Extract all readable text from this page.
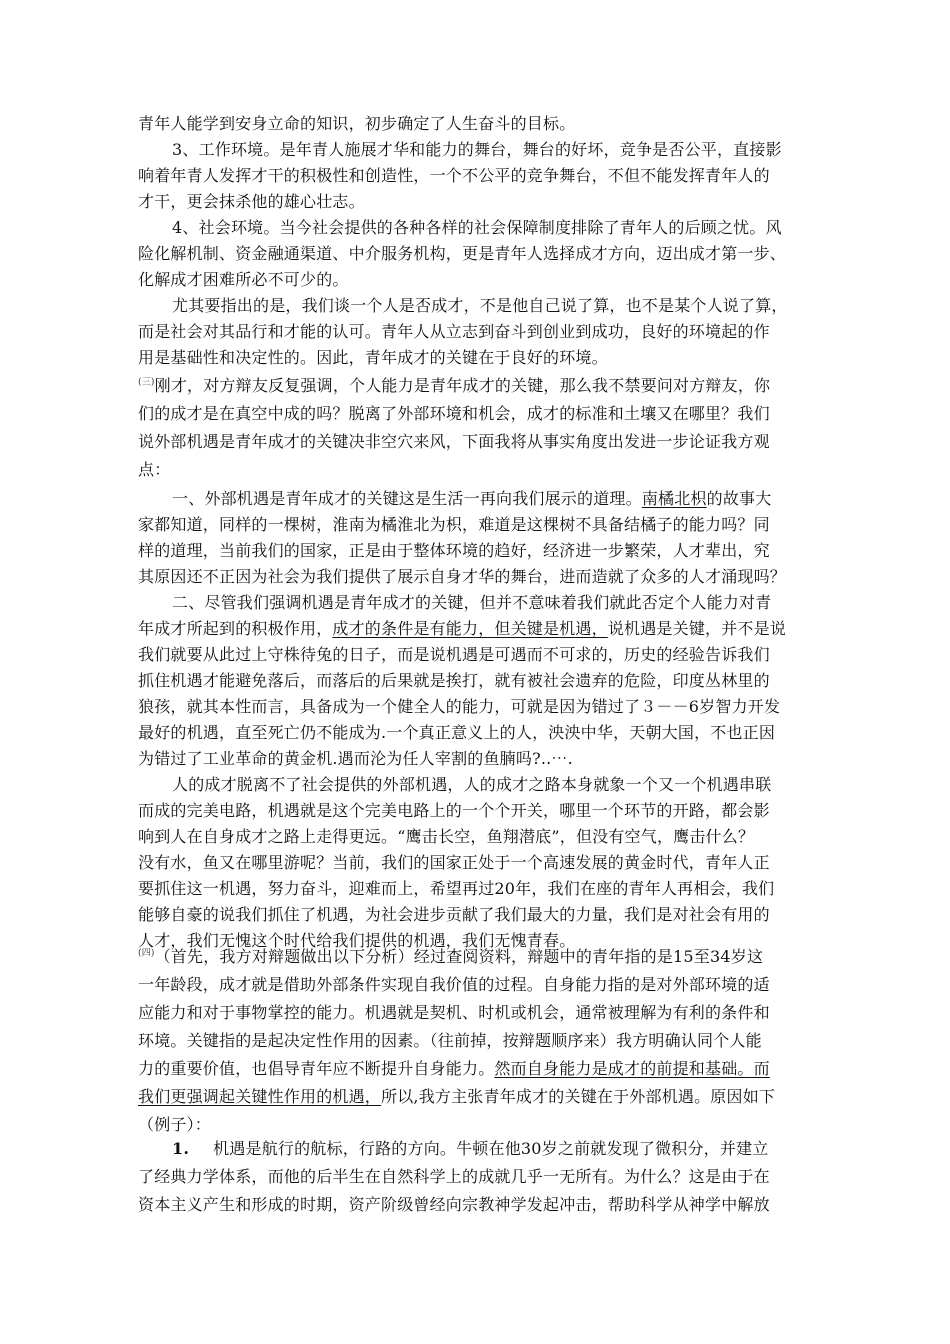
青年人能学到安身立命的知识，初步确定了人生奋斗的目标。
3、工作环境。是年青人施展才华和能力的舞台，舞台的好坏，竞争是否公平，直接影
响着年青人发挥才干的积极性和创造性，一个不公平的竞争舞台，不但不能发挥青年人的
才干，更会抹杀他的雄心壮志。
4、社会环境。当今社会提供的各种各样的社会保障制度排除了青年人的后顾之忧。风
险化解机制、资金融通渠道、中介服务机构，更是青年人选择成才方向，迈出成才第一步、
化解成才困难所必不可少的。
尤其要指出的是，我们谈一个人是否成才，不是他自己说了算，也不是某个人说了算，
而是社会对其品行和才能的认可。青年人从立志到奋斗到创业到成功，良好的环境起的作
用是基础性和决定性的。因此，青年成才的关键在于良好的环境。
$^{(三)}$刚才，对方辩友反复强调，个人能力是青年成才的关键，那么我不禁要问对方辩友，你
们的成才是在真空中成的吗？脱离了外部环境和机会，成才的标准和土壤又在哪里？我们
说外部机遇是青年成才的关键决非空穴来风，下面我将从事实角度出发进一步论证我方观
点：
一、外部机遇是青年成才的关键这是生活一再向我们展示的道理。南橘北枳的故事大
家都知道，同样的一棵树，淮南为橘淮北为枳，难道是这棵树不具备结橘子的能力吗？同
样的道理，当前我们的国家，正是由于整体环境的趋好，经济进一步繁荣，人才辈出，究
其原因还不正因为社会为我们提供了展示自身才华的舞台，进而造就了众多的人才涌现吗？
二、尽管我们强调机遇是青年成才的关键，但并不意味着我们就此否定个人能力对青
年成才所起到的积极作用，成才的条件是有能力，但关键是机遇，说机遇是关键，并不是说
我们就要从此过上守株待兔的日子，而是说机遇是可遇而不可求的，历史的经验告诉我们
抓住机遇才能避免落后，而落后的后果就是挨打，就有被社会遗弃的危险，印度丛林里的
狼孩，就其本性而言，具备成为一个健全人的能力，可就是因为错过了３－－6岁智力开发
最好的机遇，直至死亡仍不能成为.一个真正意义上的人，泱泱中华，天朝大国，不也正因
为错过了工业革命的黄金机.遇而沦为任人宰割的鱼腩吗?..⋯.
人的成才脱离不了社会提供的外部机遇，人的成才之路本身就象一个又一个机遇串联
而成的完美电路，机遇就是这个完美电路上的一个个开关，哪里一个环节的开路，都会影
响到人在自身成才之路上走得更远。“鹰击长空，鱼翔潜底”，但没有空气，鹰击什么？
没有水，鱼又在哪里游呢？当前，我们的国家正处于一个高速发展的黄金时代，青年人正
要抓住这一机遇，努力奋斗，迎难而上，希望再过20年，我们在座的青年人再相会，我们
能够自豪的说我们抓住了机遇，为社会进步贡献了我们最大的力量，我们是对社会有用的
人才，我们无愧这个时代给我们提供的机遇，我们无愧青春。
$^{(四)}$（首先，我方对辩题做出以下分析）经过查阅资料，辩题中的青年指的是15至34岁这
一年龄段，成才就是借助外部条件实现自我价值的过程。自身能力指的是对外部环境的适
应能力和对于事物掌控的能力。机遇就是契机、时机或机会，通常被理解为有利的条件和
环境。关键指的是起决定性作用的因素。（往前掉，按辩题顺序来）我方明确认同个人能
力的重要价值，也倡导青年应不断提升自身能力。然而自身能力是成才的前提和基础。而
我们更强调起关键性作用的机遇，所以,我方主张青年成才的关键在于外部机遇。原因如下
（例子）：
1. 机遇是航行的航标，行路的方向。牛顿在他30岁之前就发现了微积分，并建立
了经典力学体系，而他的后半生在自然科学上的成就几乎一无所有。为什么？这是由于在
资本主义产生和形成的时期，资产阶级曾经向宗教神学发起冲击，帮助科学从神学中解放
